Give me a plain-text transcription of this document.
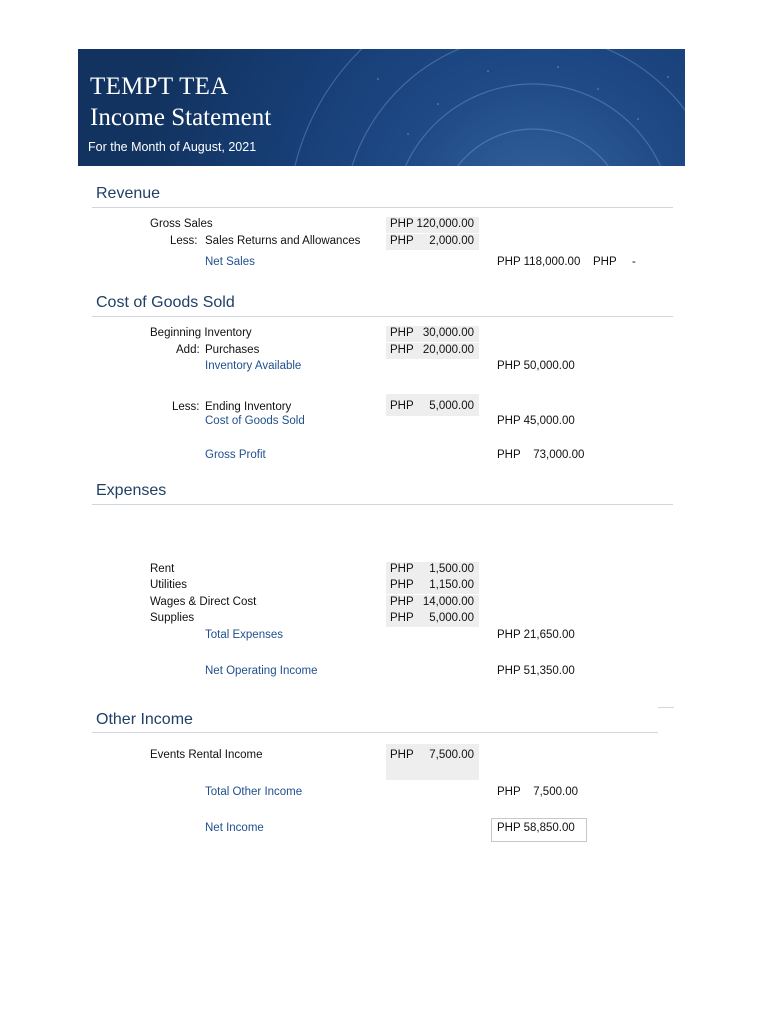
TEMPT TEA
Income Statement
For the Month of August, 2021
Revenue
Gross Sales	PHP 120,000.00
Less: Sales Returns and Allowances	PHP 2,000.00
Net Sales	PHP 118,000.00 PHP -
Cost of Goods Sold
Beginning Inventory	PHP 30,000.00
Add: Purchases	PHP 20,000.00
Inventory Available	PHP 50,000.00
Less: Ending Inventory	PHP 5,000.00
Cost of Goods Sold	PHP 45,000.00
Gross Profit	PHP    73,000.00
Expenses
Rent	PHP 1,500.00
Utilities	PHP 1,150.00
Wages & Direct Cost	PHP 14,000.00
Supplies	PHP 5,000.00
Total Expenses	PHP 21,650.00
Net Operating Income	PHP 51,350.00
Other Income
Events Rental Income	PHP 7,500.00
Total Other Income	PHP    7,500.00
Net Income	PHP 58,850.00
